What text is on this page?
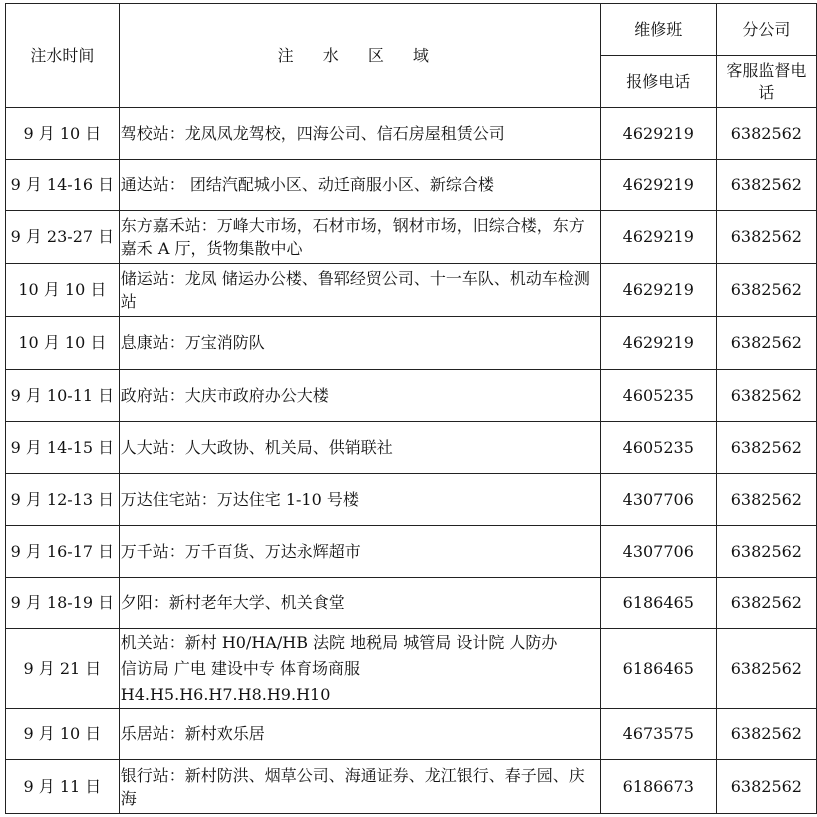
注水时间	注 水 区 域	维修班	分公司
		报修电话	客服监督电话
9 月 10 日	驾校站：龙凤凤龙驾校，四海公司、信石房屋租赁公司	4629219	6382562
9 月 14-16 日	通达站： 团结汽配城小区、动迁商服小区、新综合楼	4629219	6382562
9 月 23-27 日	东方嘉禾站：万峰大市场，石材市场，钢材市场，旧综合楼，东方嘉禾 A 厅，货物集散中心	4629219	6382562
10 月 10 日	储运站：龙凤 储运办公楼、鲁郓经贸公司、十一车队、机动车检测站	4629219	6382562
10 月 10 日	息康站：万宝消防队	4629219	6382562
9 月 10-11 日	政府站：大庆市政府办公大楼	4605235	6382562
9 月 14-15 日	人大站：人大政协、机关局、供销联社	4605235	6382562
9 月 12-13 日	万达住宅站：万达住宅 1-10 号楼	4307706	6382562
9 月 16-17 日	万千站：万千百货、万达永辉超市	4307706	6382562
9 月 18-19 日	夕阳：新村老年大学、机关食堂	6186465	6382562
9 月 21 日	机关站：新村 H0/HA/HB 法院 地税局 城管局 设计院 人防办
信访局 广电 建设中专 体育场商服
H4.H5.H6.H7.H8.H9.H10	6186465	6382562
9 月 10 日	乐居站：新村欢乐居	4673575	6382562
9 月 11 日	银行站：新村防洪、烟草公司、海通证券、龙江银行、春子园、庆海	6186673	6382562
